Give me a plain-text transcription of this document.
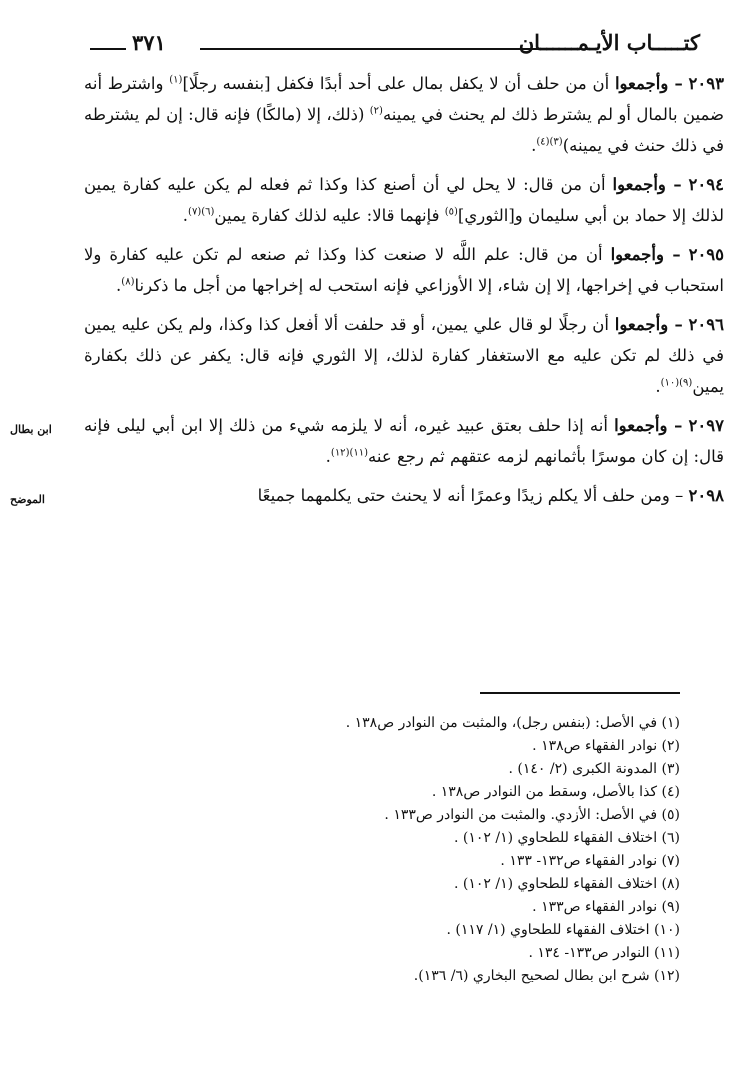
كتـــــاب الأيـمــــــان
٣٧١

٢٠٩٣ – وأجمعوا أن من حلف أن لا يكفل بمال على أحد أبدًا فكفل [بنفسه رجلًا]$^{(١)}$ واشترط أنه ضمين بالمال أو لم يشترط ذلك لم يحنث في يمينه$^{(٢)}$ (ذلك، إلا (مالكًا) فإنه قال: إن لم يشترطه في ذلك حنث في يمينه)$^{(٣)(٤)}$.

٢٠٩٤ – وأجمعوا أن من قال: لا يحل لي أن أصنع كذا وكذا ثم فعله لم يكن عليه كفارة يمين لذلك إلا حماد بن أبي سليمان و[الثوري]$^{(٥)}$ فإنهما قالا: عليه لذلك كفارة يمين$^{(٦)(٧)}$.

٢٠٩٥ – وأجمعوا أن من قال: علم اللَّه لا صنعت كذا وكذا ثم صنعه لم تكن عليه كفارة ولا استحباب في إخراجها، إلا إن شاء، إلا الأوزاعي فإنه استحب له إخراجها من أجل ما ذكرنا$^{(٨)}$.

٢٠٩٦ – وأجمعوا أن رجلًا لو قال علي يمين، أو قد حلفت ألا أفعل كذا وكذا، ولم يكن عليه يمين في ذلك لم تكن عليه مع الاستغفار كفارة لذلك، إلا الثوري فإنه قال: يكفر عن ذلك بكفارة يمين$^{(٩)(١٠)}$.

ابن بطال	٢٠٩٧ – وأجمعوا أنه إذا حلف بعتق عبيد غيره، أنه لا يلزمه شيء من ذلك إلا ابن أبي ليلى فإنه قال: إن كان موسرًا بأثمانهم لزمه عتقهم ثم رجع عنه$^{(١١)(١٢)}$.

الموضح	٢٠٩٨ – ومن حلف ألا يكلم زيدًا وعمرًا أنه لا يحنث حتى يكلمهما جميعًا

(١) في الأصل: (بنفس رجل)، والمثبت من النوادر ص١٣٨ .
(٢) نوادر الفقهاء ص١٣٨ .
(٣) المدونة الكبرى (٢/ ١٤٠) .
(٤) كذا بالأصل، وسقط من النوادر ص١٣٨ .
(٥) في الأصل: الأزدي. والمثبت من النوادر ص١٣٣ .
(٦) اختلاف الفقهاء للطحاوي (١/ ١٠٢) .
(٧) نوادر الفقهاء ص١٣٢- ١٣٣ .
(٨) اختلاف الفقهاء للطحاوي (١/ ١٠٢) .
(٩) نوادر الفقهاء ص١٣٣ .
(١٠) اختلاف الفقهاء للطحاوي (١/ ١١٧) .
(١١) النوادر ص١٣٣- ١٣٤ .
(١٢) شرح ابن بطال لصحيح البخاري (٦/ ١٣٦).
